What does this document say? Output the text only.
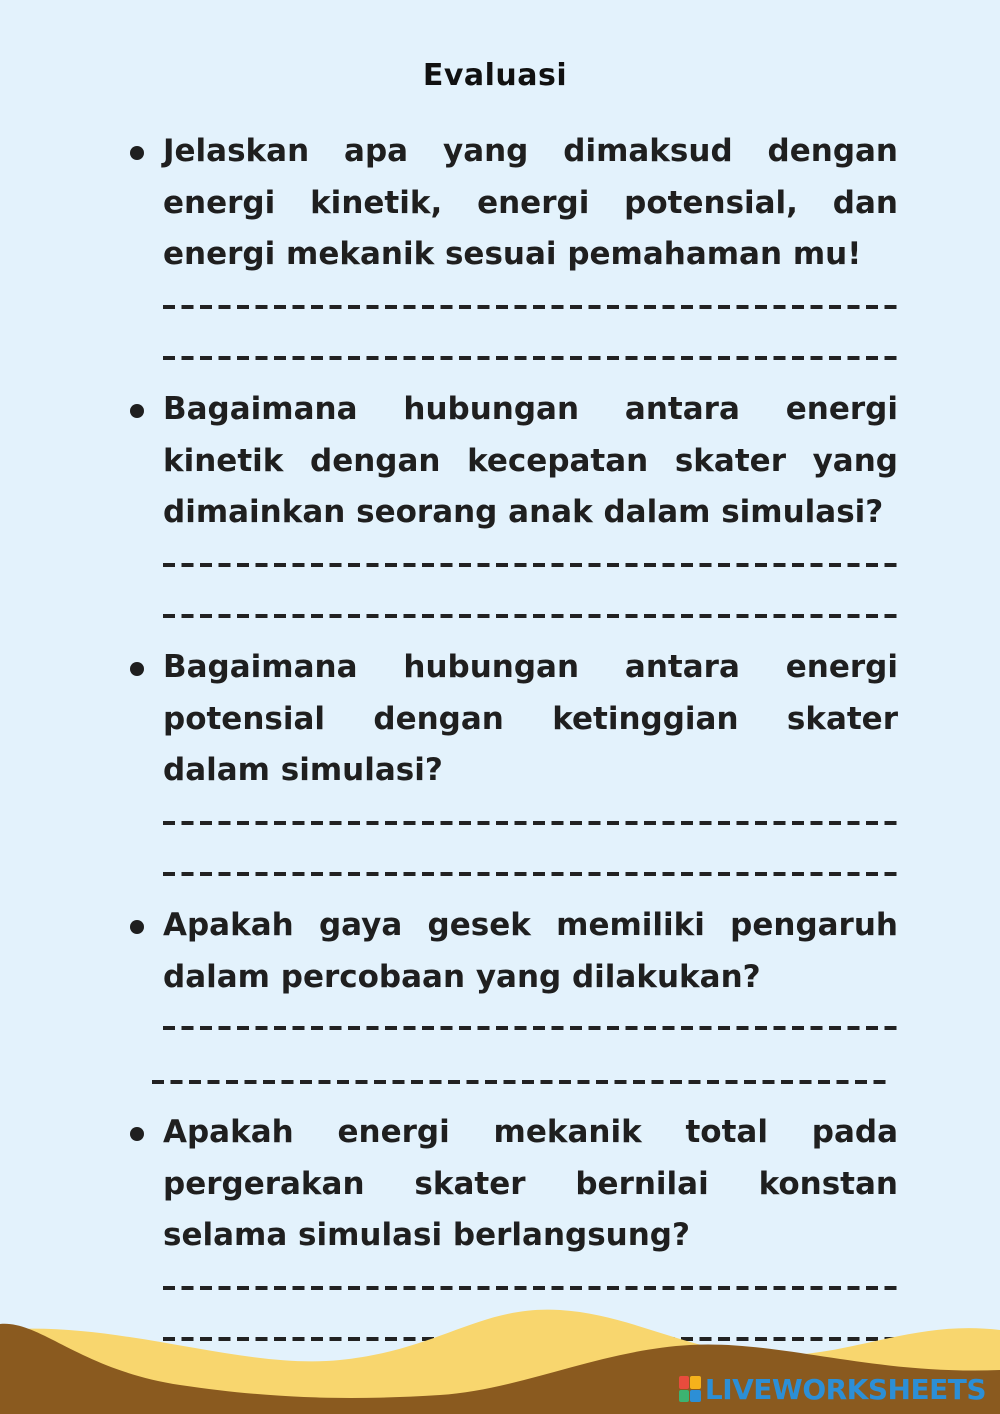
Evaluasi

Jelaskan apa yang dimaksud dengan energi kinetik, energi potensial, dan energi mekanik sesuai pemahaman mu!

Bagaimana hubungan antara energi kinetik dengan kecepatan skater yang dimainkan seorang anak dalam simulasi?

Bagaimana hubungan antara energi potensial dengan ketinggian skater dalam simulasi?

Apakah gaya gesek memiliki pengaruh dalam percobaan yang dilakukan?

Apakah energi mekanik total pada pergerakan skater bernilai konstan selama simulasi berlangsung?

LIVEWORKSHEETS
